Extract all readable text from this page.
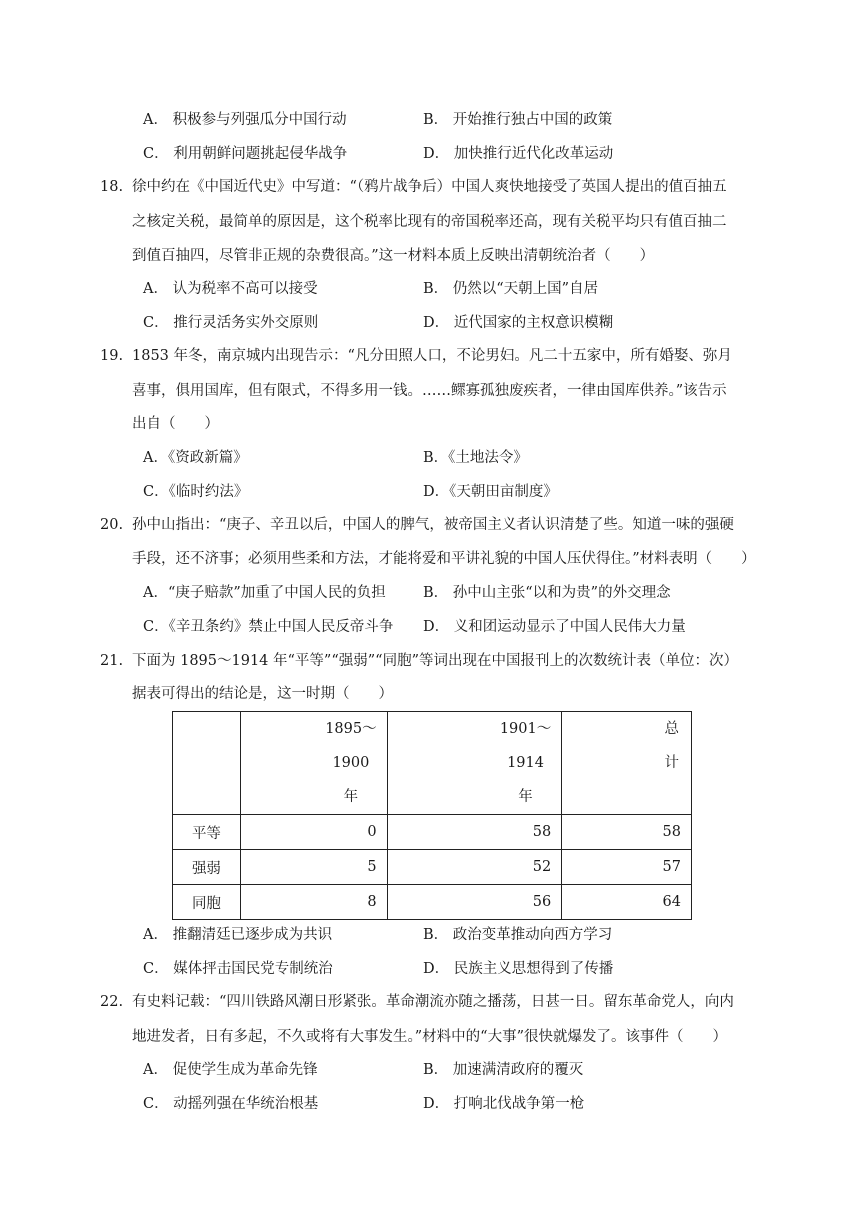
A． 积极参与列强瓜分中国行动	B． 开始推行独占中国的政策
C． 利用朝鲜问题挑起侵华战争	D． 加快推行近代化改革运动
18. 徐中约在《中国近代史》中写道：“（鸦片战争后）中国人爽快地接受了英国人提出的值百抽五
之核定关税，最简单的原因是，这个税率比现有的帝国税率还高，现有关税平均只有值百抽二
到值百抽四，尽管非正规的杂费很高。”这一材料本质上反映出清朝统治者（　　）
A． 认为税率不高可以接受	B． 仍然以“天朝上国”自居
C． 推行灵活务实外交原则	D． 近代国家的主权意识模糊
19. 1853 年冬，南京城内出现告示：“凡分田照人口，不论男妇。凡二十五家中，所有婚娶、弥月
喜事，俱用国库，但有限式，不得多用一钱。……鳏寡孤独废疾者，一律由国库供养。”该告示
出自（　　）
A．《资政新篇》	B．《土地法令》
C．《临时约法》	D．《天朝田亩制度》
20. 孙中山指出：“庚子、辛丑以后，中国人的脾气，被帝国主义者认识清楚了些。知道一味的强硬
手段，还不济事；必须用些柔和方法，才能将爱和平讲礼貌的中国人压伏得住。”材料表明（　　）
A．“庚子赔款”加重了中国人民的负担	B． 孙中山主张“以和为贵”的外交理念
C．《辛丑条约》禁止中国人民反帝斗争 D． 义和团运动显示了中国人民伟大力量
21. 下面为 1895～1914 年“平等”“强弱”“同胞”等词出现在中国报刊上的次数统计表（单位：次）
据表可得出的结论是，这一时期（　　）

	1895～
1900
年	1901～
1914
年	总
计

平等	0	58	58
强弱	5	52	57
同胞	8	56	64
A． 推翻清廷已逐步成为共识	B． 政治变革推动向西方学习
C． 媒体抨击国民党专制统治	D． 民族主义思想得到了传播
22. 有史料记载：“四川铁路风潮日形紧张。革命潮流亦随之播荡，日甚一日。留东革命党人，向内
地进发者，日有多起，不久或将有大事发生。”材料中的“大事”很快就爆发了。该事件（　　）
A． 促使学生成为革命先锋	B． 加速满清政府的覆灭
C． 动摇列强在华统治根基	D． 打响北伐战争第一枪
